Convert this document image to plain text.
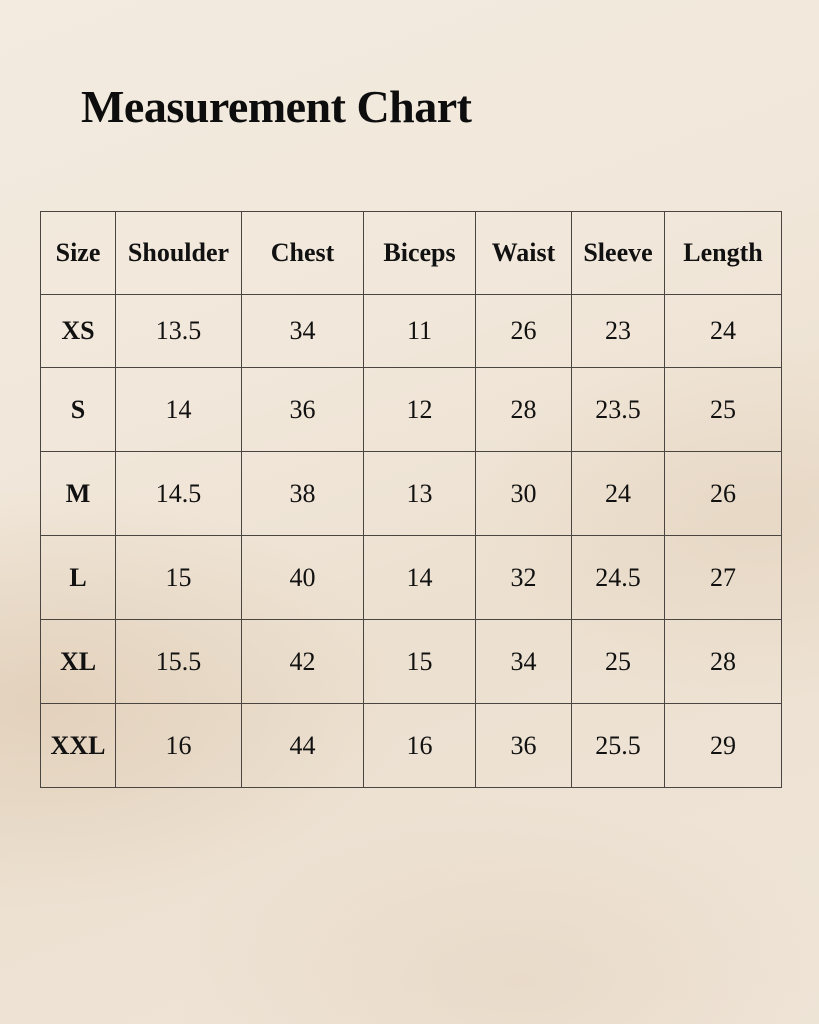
Measurement Chart
Size	Shoulder	Chest	Biceps	Waist	Sleeve	Length
XS	13.5	34	11	26	23	24
S	14	36	12	28	23.5	25
M	14.5	38	13	30	24	26
L	15	40	14	32	24.5	27
XL	15.5	42	15	34	25	28
XXL	16	44	16	36	25.5	29
